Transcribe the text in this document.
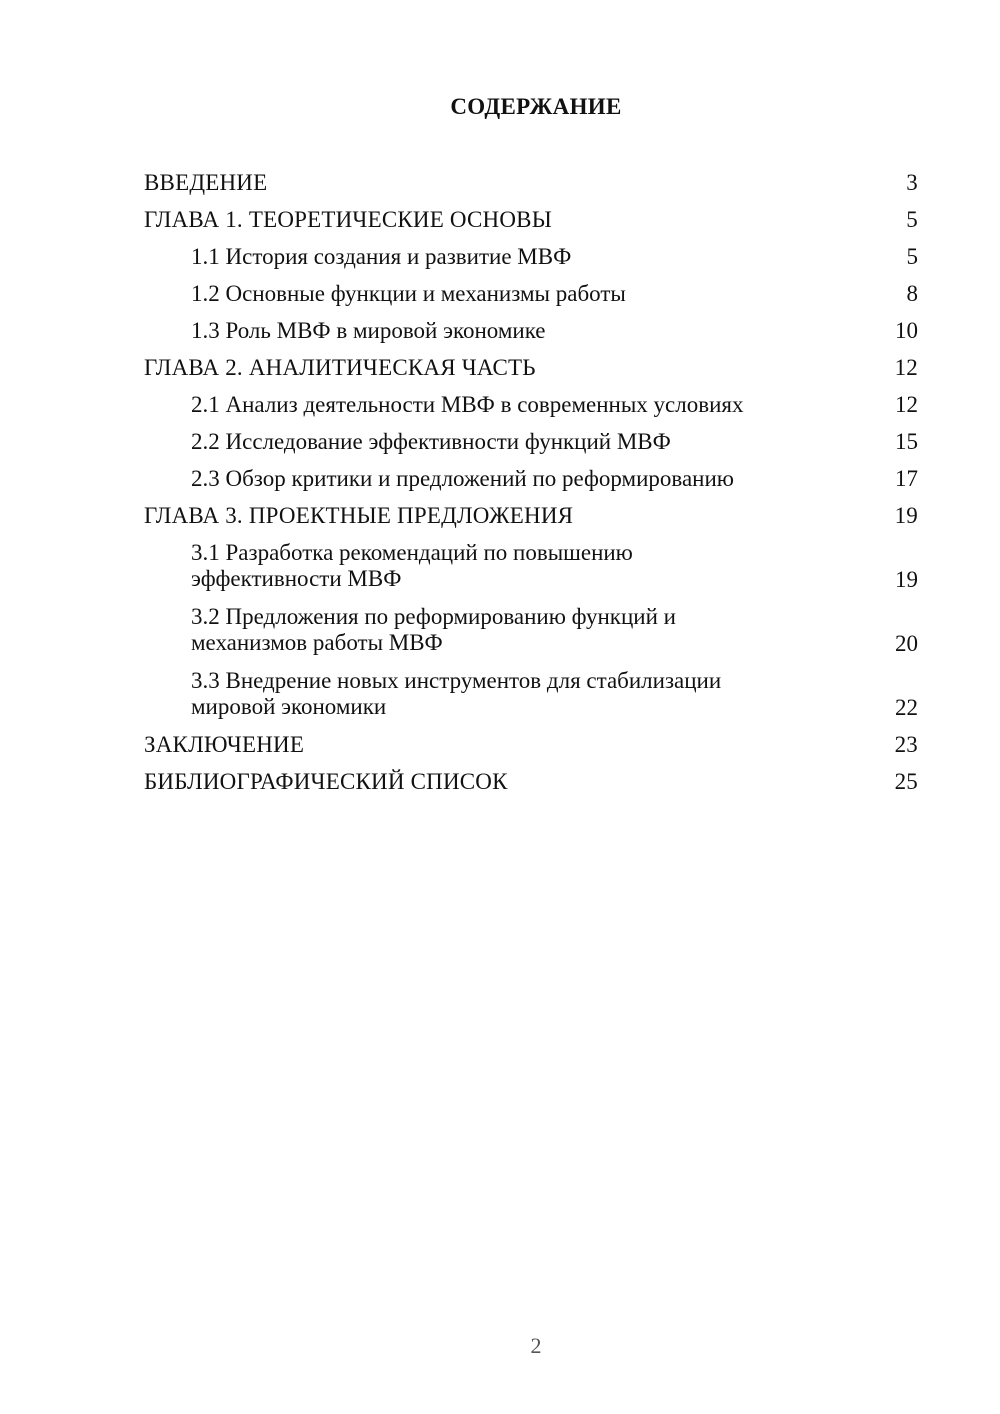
СОДЕРЖАНИЕ
ВВЕДЕНИЕ	3
ГЛАВА 1. ТЕОРЕТИЧЕСКИЕ ОСНОВЫ	5
1.1 История создания и развитие МВФ	5
1.2 Основные функции и механизмы работы	8
1.3 Роль МВФ в мировой экономике	10
ГЛАВА 2. АНАЛИТИЧЕСКАЯ ЧАСТЬ	12
2.1 Анализ деятельности МВФ в современных условиях	12
2.2 Исследование эффективности функций МВФ	15
2.3 Обзор критики и предложений по реформированию	17
ГЛАВА 3. ПРОЕКТНЫЕ ПРЕДЛОЖЕНИЯ	19
3.1 Разработка рекомендаций по повышению эффективности МВФ	19
3.2 Предложения по реформированию функций и механизмов работы МВФ	20
3.3 Внедрение новых инструментов для стабилизации мировой экономики	22
ЗАКЛЮЧЕНИЕ	23
БИБЛИОГРАФИЧЕСКИЙ СПИСОК	25
2
